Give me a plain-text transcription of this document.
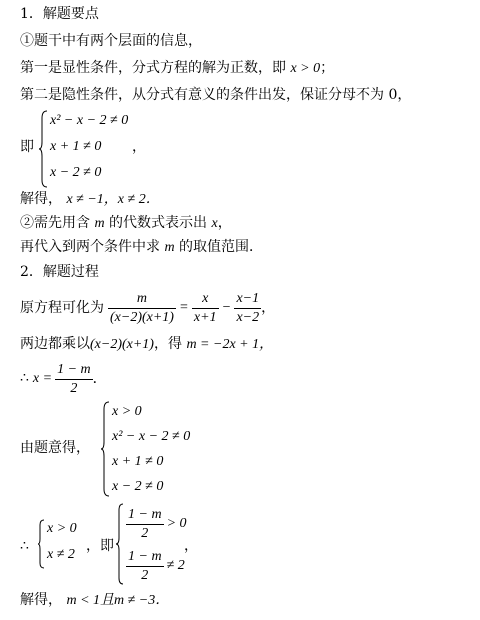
1．解题要点
①题干中有两个层面的信息，
第一是显性条件，分式方程的解为正数，即 x > 0；
第二是隐性条件，从分式有意义的条件出发，保证分母不为 0，
即
x² − x − 2 ≠ 0
x + 1 ≠ 0
x − 2 ≠ 0
，
解得， x ≠ −1，x ≠ 2．
②需先用含 m 的代数式表示出 x，
再代入到两个条件中求 m 的取值范围．
2．解题过程
原方程可化为 $\frac{m}{(x-2)(x+1)} = \frac{x}{x+1} - \frac{x-1}{x-2}$ ，
两边都乘以(x−2)(x+1)，得 m = −2x + 1，
∴ $x = \frac{1 - m}{2}$ ．
由题意得，
x > 0
x² − x − 2 ≠ 0
x + 1 ≠ 0
x − 2 ≠ 0
∴
x > 0
x ≠ 2
，即
$\frac{1 - m}{2} > 0$
$\frac{1 - m}{2} \ne 2$
，
解得， m < 1且m ≠ −3．
